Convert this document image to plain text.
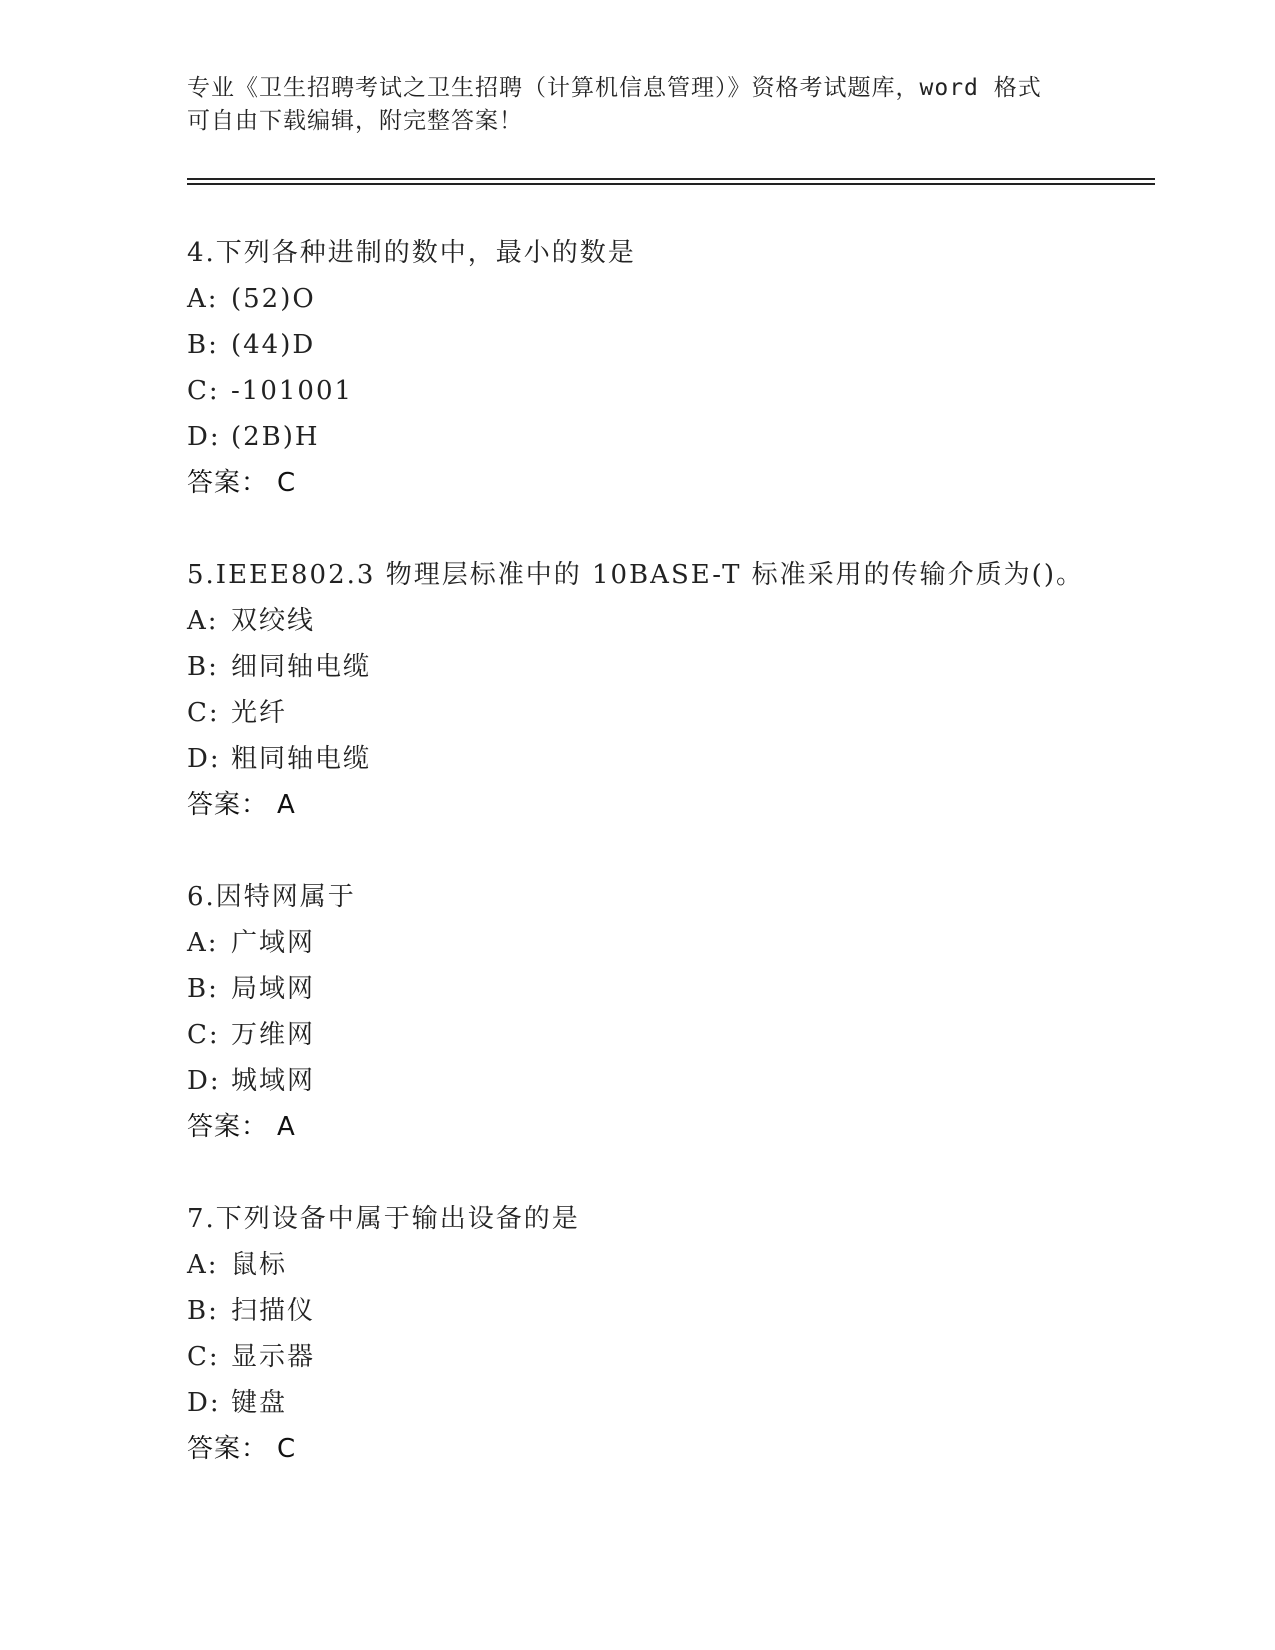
专业《卫生招聘考试之卫生招聘（计算机信息管理）》资格考试题库，word 格式
可自由下载编辑，附完整答案！
4.下列各种进制的数中，最小的数是
A: (52)O
B: (44)D
C: -101001
D: (2B)H
答案： C
5.IEEE802.3 物理层标准中的 10BASE-T 标准采用的传输介质为()。
A: 双绞线
B: 细同轴电缆
C: 光纤
D: 粗同轴电缆
答案： A
6.因特网属于
A: 广域网
B: 局域网
C: 万维网
D: 城域网
答案： A
7.下列设备中属于输出设备的是
A: 鼠标
B: 扫描仪
C: 显示器
D: 键盘
答案： C
